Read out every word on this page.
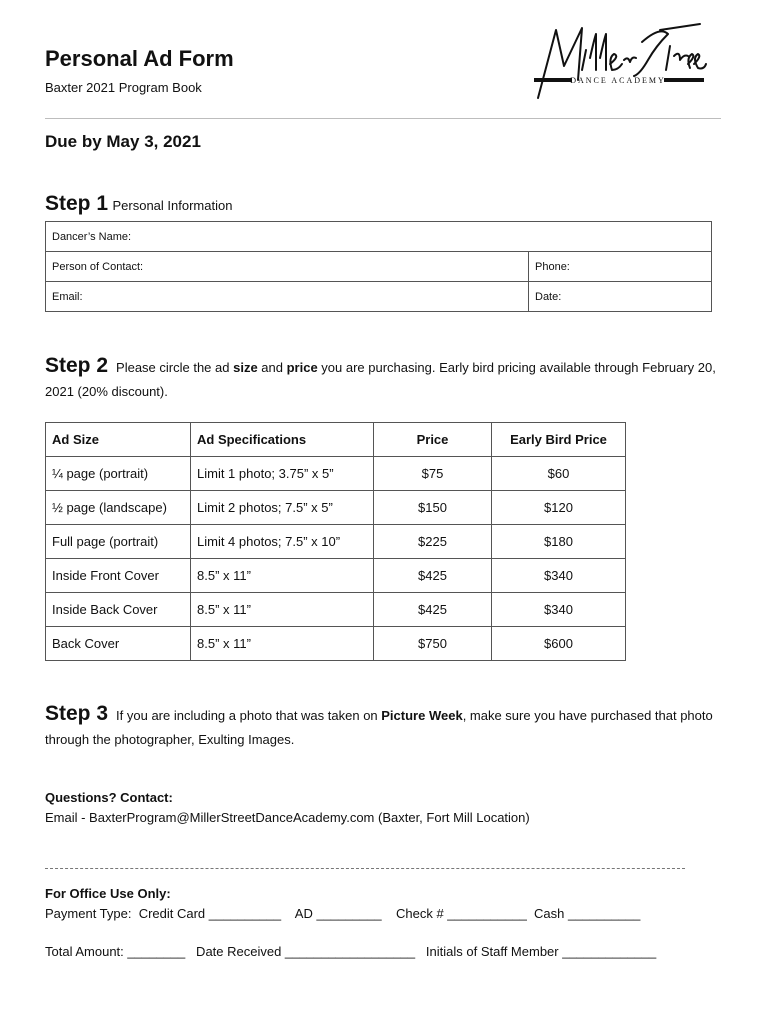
Personal Ad Form
Baxter 2021 Program Book	DANCE ACADEMY
Due by May 3, 2021
Step 1 Personal Information
Dancer’s Name:	
Person of Contact:	Phone:
Email:	Date:
Step 2 Please circle the ad size and price you are purchasing. Early bird pricing available through February 20, 2021 (20% discount).
Ad Size	Ad Specifications	Price	Early Bird Price
¼ page (portrait)	Limit 1 photo; 3.75” x 5”	$75	$60
½ page (landscape)	Limit 2 photos; 7.5” x 5”	$150	$120
Full page (portrait)	Limit 4 photos; 7.5” x 10”	$225	$180
Inside Front Cover	8.5” x 11”	$425	$340
Inside Back Cover	8.5” x 11”	$425	$340
Back Cover	8.5” x 11”	$750	$600
Step 3 If you are including a photo that was taken on Picture Week, make sure you have purchased that photo through the photographer, Exulting Images.
Questions? Contact:
Email - BaxterProgram@MillerStreetDanceAcademy.com (Baxter, Fort Mill Location)
For Office Use Only:
Payment Type:  Credit Card __________    AD _________    Check # ___________  Cash __________
Total Amount: ________   Date Received __________________   Initials of Staff Member _____________
